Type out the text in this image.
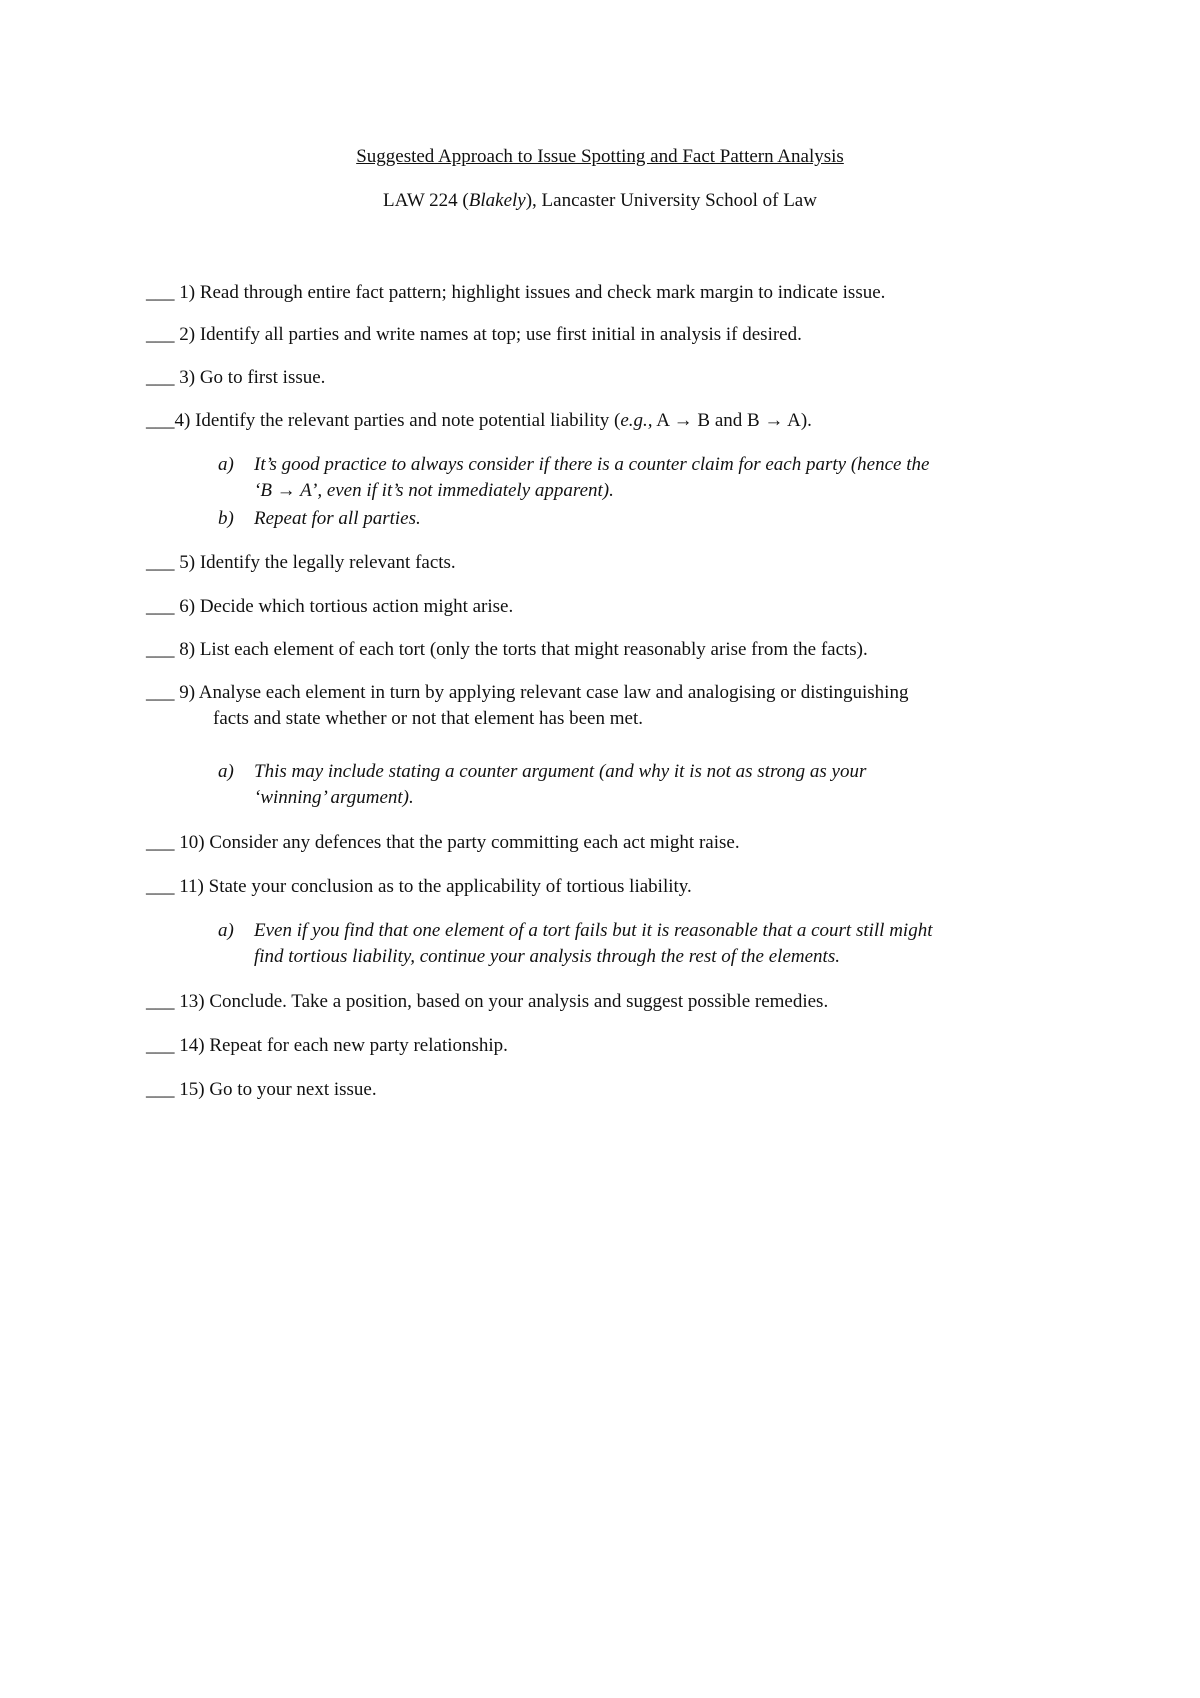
Suggested Approach to Issue Spotting and Fact Pattern Analysis
LAW 224 (Blakely), Lancaster University School of Law
___ 1) Read through entire fact pattern; highlight issues and check mark margin to indicate issue.
___ 2) Identify all parties and write names at top; use first initial in analysis if desired.
___ 3) Go to first issue.
___4) Identify the relevant parties and note potential liability (e.g., A → B and B → A).
a) It’s good practice to always consider if there is a counter claim for each party (hence the
‘B → A’, even if it’s not immediately apparent).
b) Repeat for all parties.
___ 5) Identify the legally relevant facts.
___ 6) Decide which tortious action might arise.
___ 8) List each element of each tort (only the torts that might reasonably arise from the facts).
___ 9) Analyse each element in turn by applying relevant case law and analogising or distinguishing
facts and state whether or not that element has been met.
a) This may include stating a counter argument (and why it is not as strong as your
‘winning’ argument).
___ 10) Consider any defences that the party committing each act might raise.
___ 11) State your conclusion as to the applicability of tortious liability.
a) Even if you find that one element of a tort fails but it is reasonable that a court still might
find tortious liability, continue your analysis through the rest of the elements.
___ 13) Conclude. Take a position, based on your analysis and suggest possible remedies.
___ 14) Repeat for each new party relationship.
___ 15) Go to your next issue.
